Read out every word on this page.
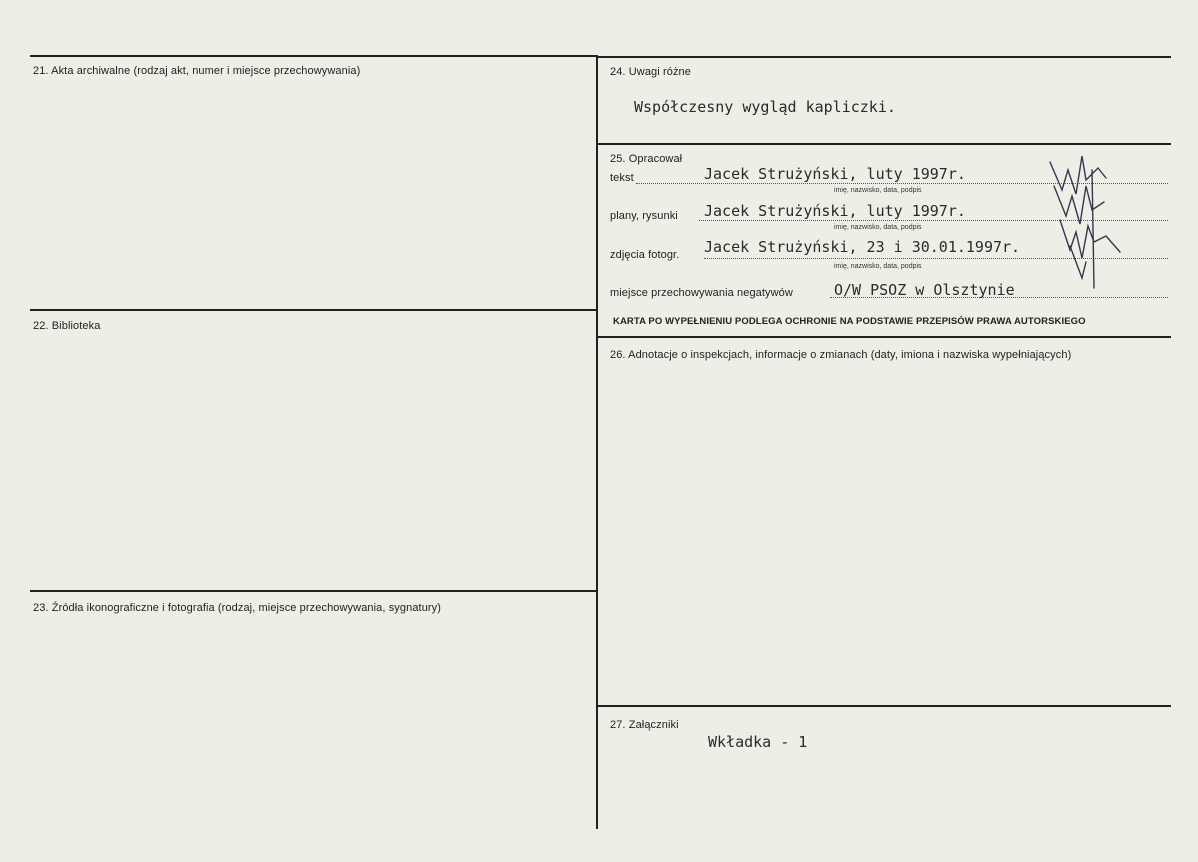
21. Akta archiwalne (rodzaj akt, numer i miejsce przechowywania)
22. Biblioteka
23. Źródła ikonograficzne i fotografia (rodzaj, miejsce przechowywania, sygnatury)
24. Uwagi różne
Współczesny wygląd kapliczki.
25. Opracował
tekst	Jacek Strużyński, luty 1997r.
imię, nazwisko, data, podpis
plany, rysunki Jacek Strużyński, luty 1997r.
imię, nazwisko, data, podpis
zdjęcia fotogr. Jacek Strużyński, 23 i 30.01.1997r.
imię, nazwisko, data, podpis
miejsce przechowywania negatywów	O/W PSOZ w Olsztynie
KARTA PO WYPEŁNIENIU PODLEGA OCHRONIE NA PODSTAWIE PRZEPISÓW PRAWA AUTORSKIEGO
26. Adnotacje o inspekcjach, informacje o zmianach (daty, imiona i nazwiska wypełniających)
27. Załączniki
Wkładka - 1
